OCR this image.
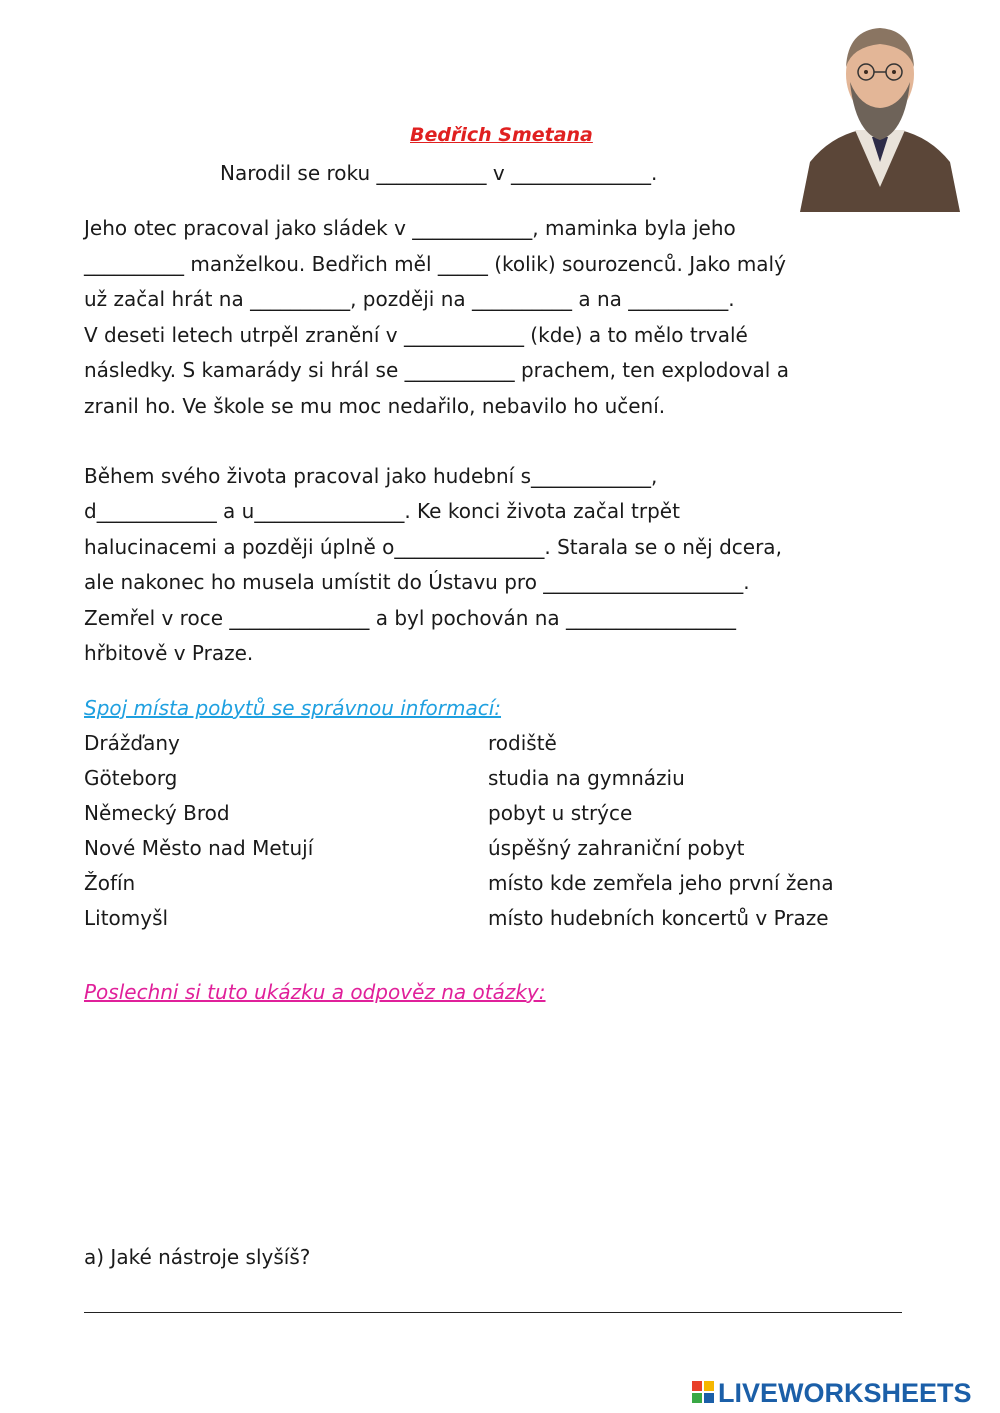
Bedřich Smetana
Narodil se roku ___________ v ______________.
Jeho otec pracoval jako sládek v ____________, maminka byla jeho
__________ manželkou. Bedřich měl _____ (kolik) sourozenců. Jako malý
už začal hrát na __________, později na __________ a na __________.
V deseti letech utrpěl zranění v ____________ (kde) a to mělo trvalé
následky. S kamarády si hrál se ___________ prachem, ten explodoval a
zranil ho. Ve škole se mu moc nedařilo, nebavilo ho učení.
Během svého života pracoval jako hudební s____________,
d____________ a u_______________. Ke konci života začal trpět
halucinacemi a později úplně o_______________. Starala se o něj dcera,
ale nakonec ho musela umístit do Ústavu pro ____________________.
Zemřel v roce ______________ a byl pochován na _________________
hřbitově v Praze.
Spoj místa pobytů se správnou informací:
Drážďany
Göteborg
Německý Brod
Nové Město nad Metují
Žofín
Litomyšl
rodiště
studia na gymnáziu
pobyt u strýce
úspěšný zahraniční pobyt
místo kde zemřela jeho první žena
místo hudebních koncertů v Praze
Poslechni si tuto ukázku a odpověz na otázky:
a) Jaké nástroje slyšíš?
LIVEWORKSHEETS
